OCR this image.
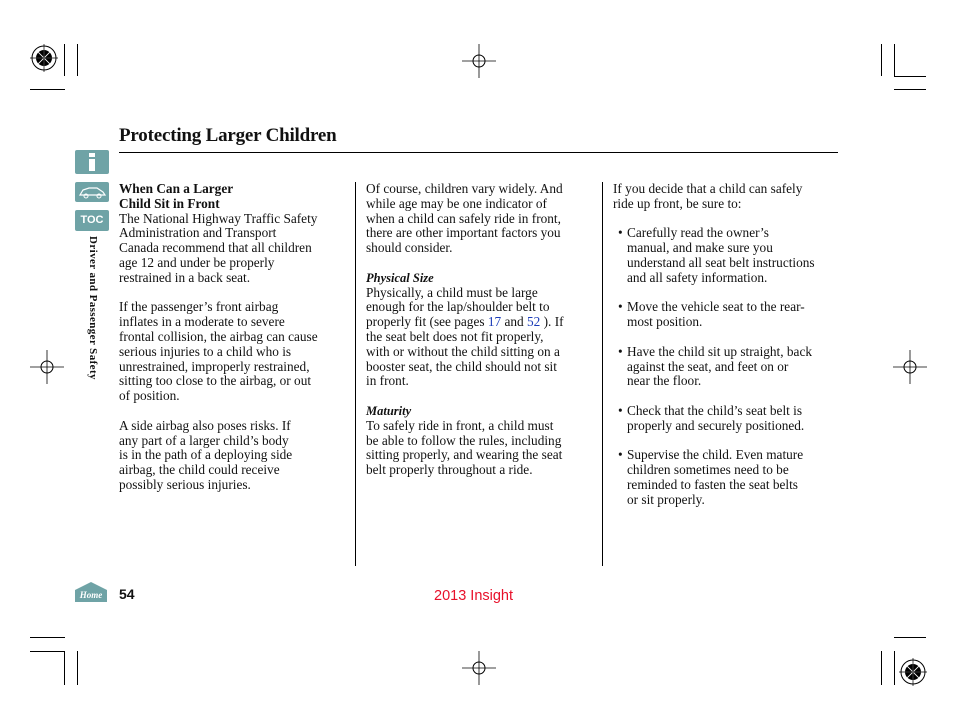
Protecting Larger Children
TOC
Driver and Passenger Safety

When Can a Larger
Child Sit in Front

The National Highway Traffic Safety
Administration and Transport
Canada recommend that all children
age 12 and under be properly
restrained in a back seat.

If the passenger’s front airbag
inflates in a moderate to severe
frontal collision, the airbag can cause
serious injuries to a child who is
unrestrained, improperly restrained,
sitting too close to the airbag, or out
of position.

A side airbag also poses risks. If
any part of a larger child’s body
is in the path of a deploying side
airbag, the child could receive
possibly serious injuries.

Of course, children vary widely. And
while age may be one indicator of
when a child can safely ride in front,
there are other important factors you
should consider.

Physical Size

Physically, a child must be large
enough for the lap/shoulder belt to
properly fit (see pages 17 and 52 ). If
the seat belt does not fit properly,
with or without the child sitting on a
booster seat, the child should not sit
in front.

Maturity

To safely ride in front, a child must
be able to follow the rules, including
sitting properly, and wearing the seat
belt properly throughout a ride.

If you decide that a child can safely
ride up front, be sure to:

• Carefully read the owner’s
manual, and make sure you
understand all seat belt instructions
and all safety information.
• Move the vehicle seat to the rear-
most position.
• Have the child sit up straight, back
against the seat, and feet on or
near the floor.
• Check that the child’s seat belt is
properly and securely positioned.
• Supervise the child. Even mature
children sometimes need to be
reminded to fasten the seat belts
or sit properly.
Home 54	2013 Insight
